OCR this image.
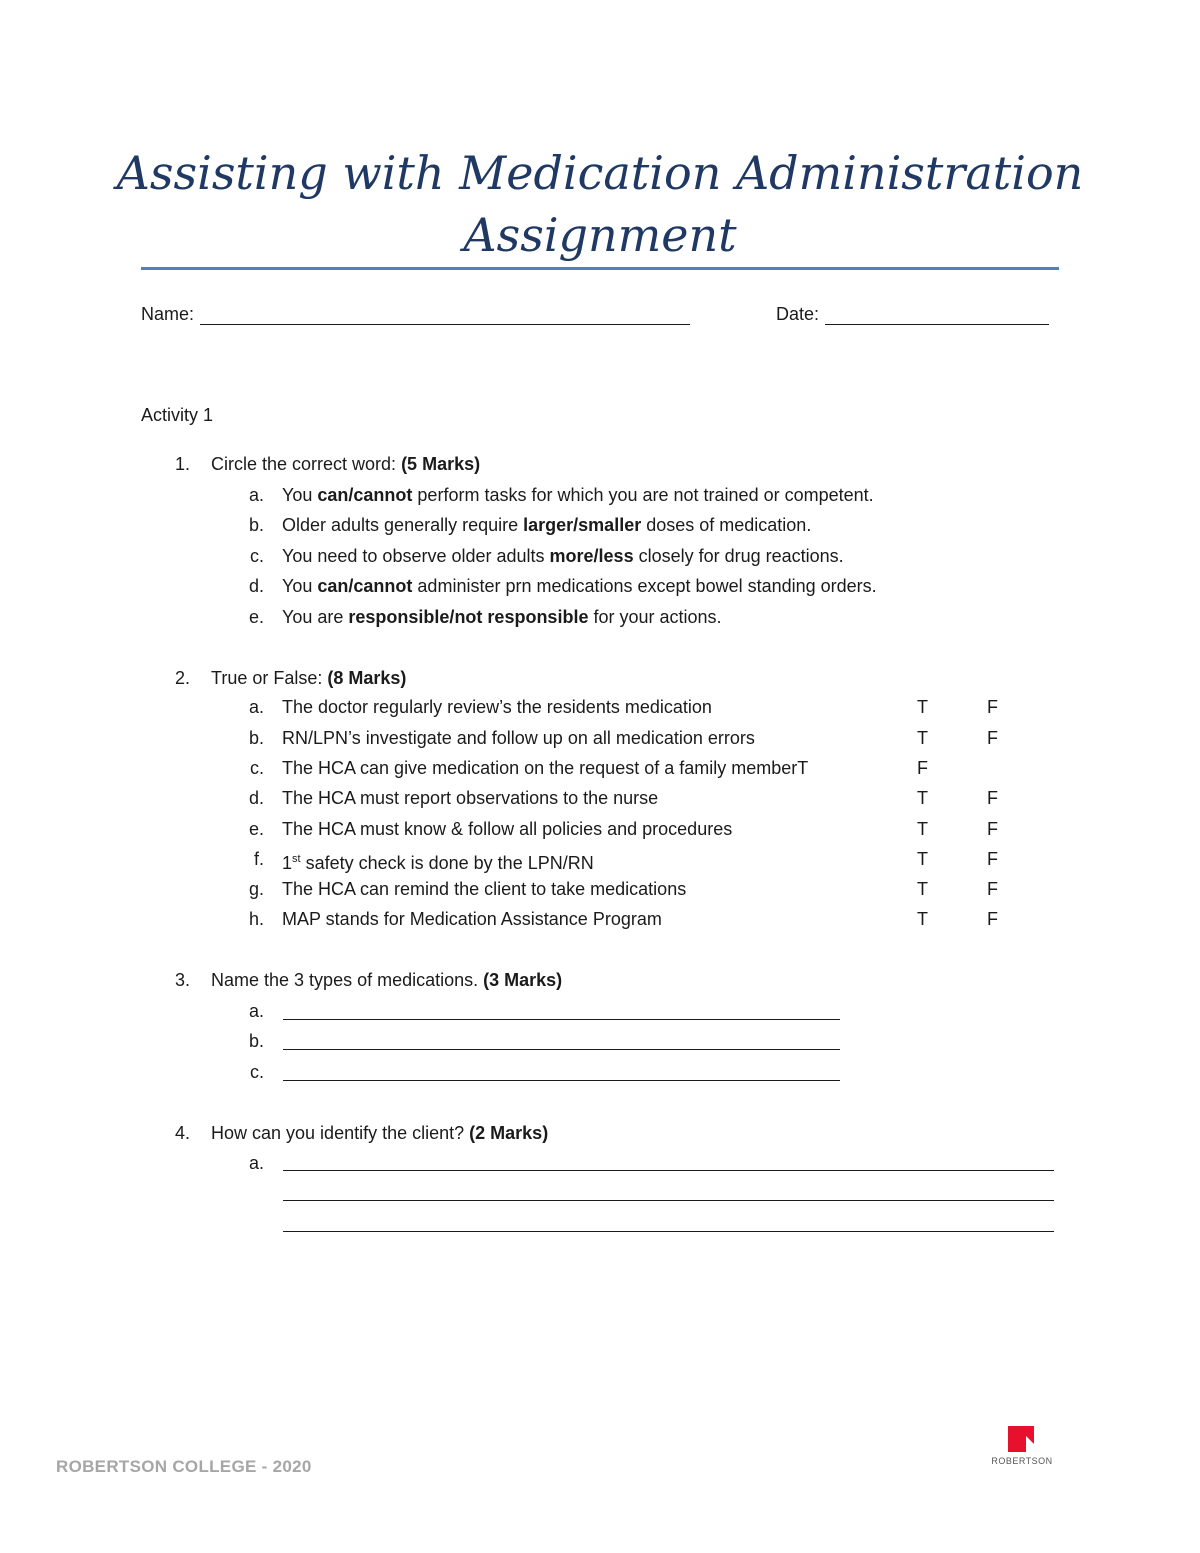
Assisting with Medication Administration
Assignment
Name:	Date:
Activity 1
1. Circle the correct word: (5 Marks)
a. You can/cannot perform tasks for which you are not trained or competent.
b. Older adults generally require larger/smaller doses of medication.
c. You need to observe older adults more/less closely for drug reactions.
d. You can/cannot administer prn medications except bowel standing orders.
e. You are responsible/not responsible for your actions.
2. True or False: (8 Marks)
a. The doctor regularly review’s the residents medication	T	F
b. RN/LPN’s investigate and follow up on all medication errors	T	F
c. The HCA can give medication on the request of a family memberT	F
d. The HCA must report observations to the nurse	T	F
e. The HCA must know & follow all policies and procedures	T	F
f. 1st safety check is done by the LPN/RN	T	F
g. The HCA can remind the client to take medications	T	F
h. MAP stands for Medication Assistance Program	T	F
3. Name the 3 types of medications. (3 Marks)
a.
b.
c.
4. How can you identify the client? (2 Marks)
a.
ROBERTSON COLLEGE - 2020	ROBERTSON
